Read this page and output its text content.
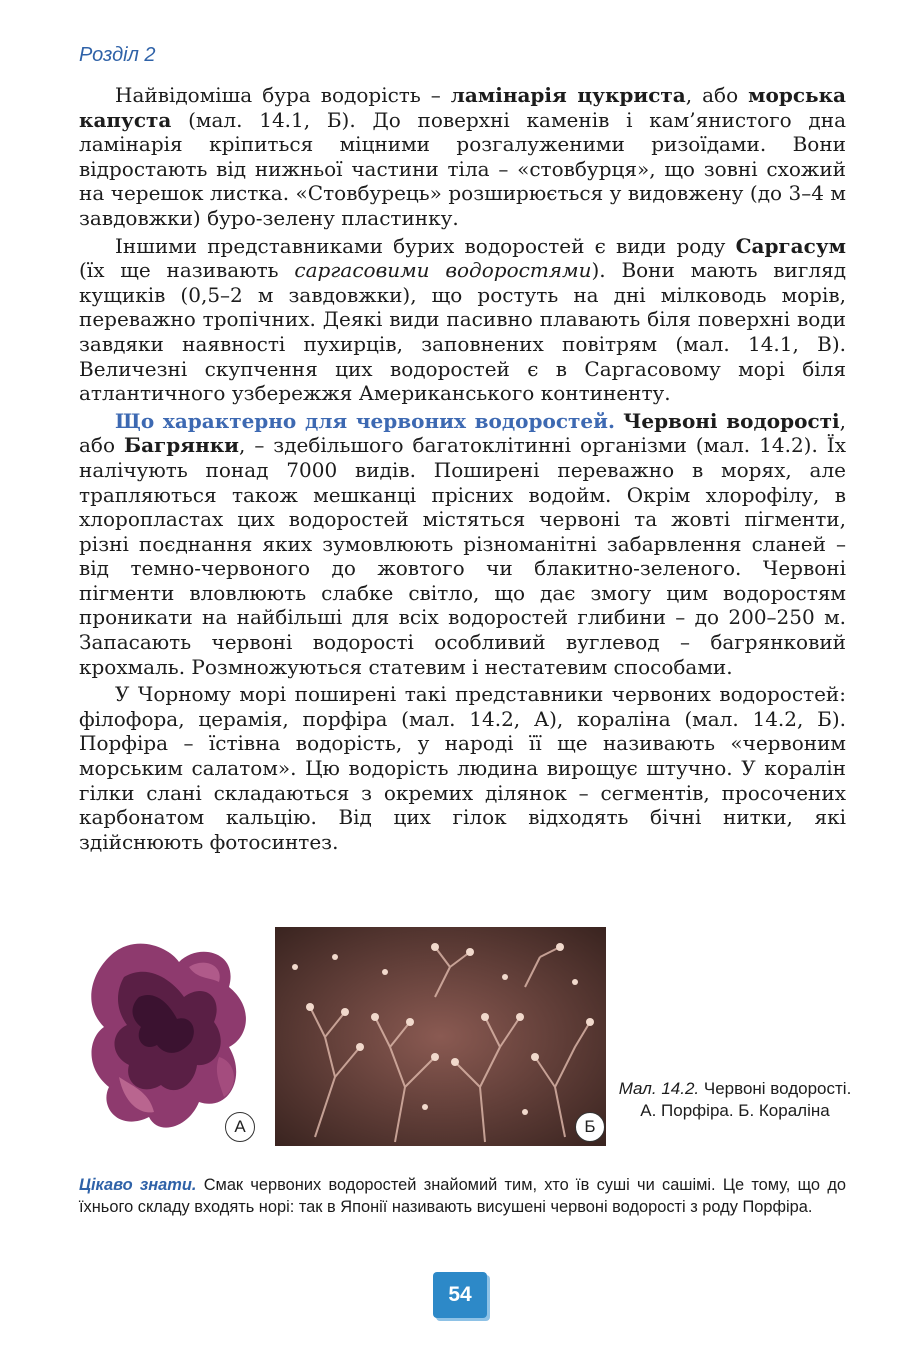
Розділ 2

Найвідоміша бура водорість – ламінарія цукриста, або морська капуста (мал. 14.1, Б). До поверхні каменів і кам’янистого дна ламінарія кріпиться міцними розгалуженими ризоїдами. Вони відростають від нижньої частини тіла – «стовбурця», що зовні схожий на черешок листка. «Стовбурець» розширюється у видовжену (до 3–4 м завдовжки) буро-зелену пластинку.

Іншими представниками бурих водоростей є види роду Саргасум (їх ще називають саргасовими водоростями). Вони мають вигляд кущиків (0,5–2 м завдовжки), що ростуть на дні мілководь морів, переважно тропічних. Деякі види пасивно плавають біля поверхні води завдяки наявності пухирців, заповнених повітрям (мал. 14.1, В). Величезні скупчення цих водоростей є в Саргасовому морі біля атлантичного узбережжя Американського континенту.

Що характерно для червоних водоростей. Червоні водорості, або Багрянки, – здебільшого багатоклітинні організми (мал. 14.2). Їх налічують понад 7000 видів. Поширені переважно в морях, але трапляються також мешканці прісних водойм. Окрім хлорофілу, в хлоропластах цих водоростей містяться червоні та жовті пігменти, різні поєднання яких зумовлюють різноманітні забарвлення сланей – від темно-червоного до жовтого чи блакитно-зеленого. Червоні пігменти вловлюють слабке світло, що дає змогу цим водоростям проникати на найбільші для всіх водоростей глибини – до 200–250 м. Запасають червоні водорості особливий вуглевод – багрянковий крохмаль. Розмножуються статевим і нестатевим способами.

У Чорному морі поширені такі представники червоних водоростей: філофора, церамія, порфіра (мал. 14.2, А), кораліна (мал. 14.2, Б). Порфіра – їстівна водорість, у народі її ще називають «червоним морським салатом». Цю водорість людина вирощує штучно. У коралін гілки слані складаються з окремих ділянок – сегментів, просочених карбонатом кальцію. Від цих гілок відходять бічні нитки, які здійснюють фотосинтез.

А	Б
Мал. 14.2. Червоні водорості. А. Порфіра. Б. Кораліна
Цікаво знати. Смак червоних водоростей знайомий тим, хто їв суші чи сашімі. Це тому, що до їхнього складу входять норі: так в Японії називають висушені червоні водорості з роду Порфіра.
54
